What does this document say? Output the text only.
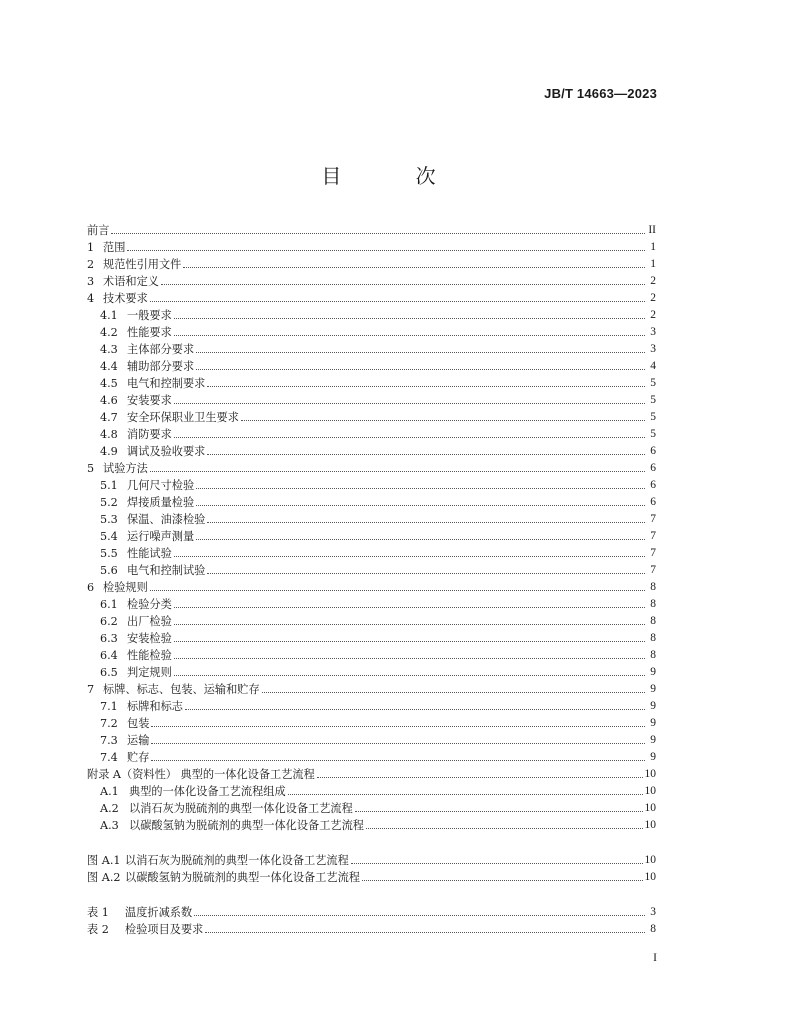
JB/T 14663—2023
目 次
前言	II
1 范围	1
2 规范性引用文件	1
3 术语和定义	2
4 技术要求	2
4.1 一般要求	2
4.2 性能要求	3
4.3 主体部分要求	3
4.4 辅助部分要求	4
4.5 电气和控制要求	5
4.6 安装要求	5
4.7 安全环保职业卫生要求	5
4.8 消防要求	5
4.9 调试及验收要求	6
5 试验方法	6
5.1 几何尺寸检验	6
5.2 焊接质量检验	6
5.3 保温、油漆检验	7
5.4 运行噪声测量	7
5.5 性能试验	7
5.6 电气和控制试验	7
6 检验规则	8
6.1 检验分类	8
6.2 出厂检验	8
6.3 安装检验	8
6.4 性能检验	8
6.5 判定规则	9
7 标牌、标志、包装、运输和贮存	9
7.1 标牌和标志	9
7.2 包装	9
7.3 运输	9
7.4 贮存	9
附录 A（资料性） 典型的一体化设备工艺流程	10
A.1 典型的一体化设备工艺流程组成	10
A.2 以消石灰为脱硫剂的典型一体化设备工艺流程	10
A.3 以碳酸氢钠为脱硫剂的典型一体化设备工艺流程	10
图 A.1 以消石灰为脱硫剂的典型一体化设备工艺流程	10
图 A.2 以碳酸氢钠为脱硫剂的典型一体化设备工艺流程	10
表 1	温度折减系数	3
表 2	检验项目及要求	8
I
